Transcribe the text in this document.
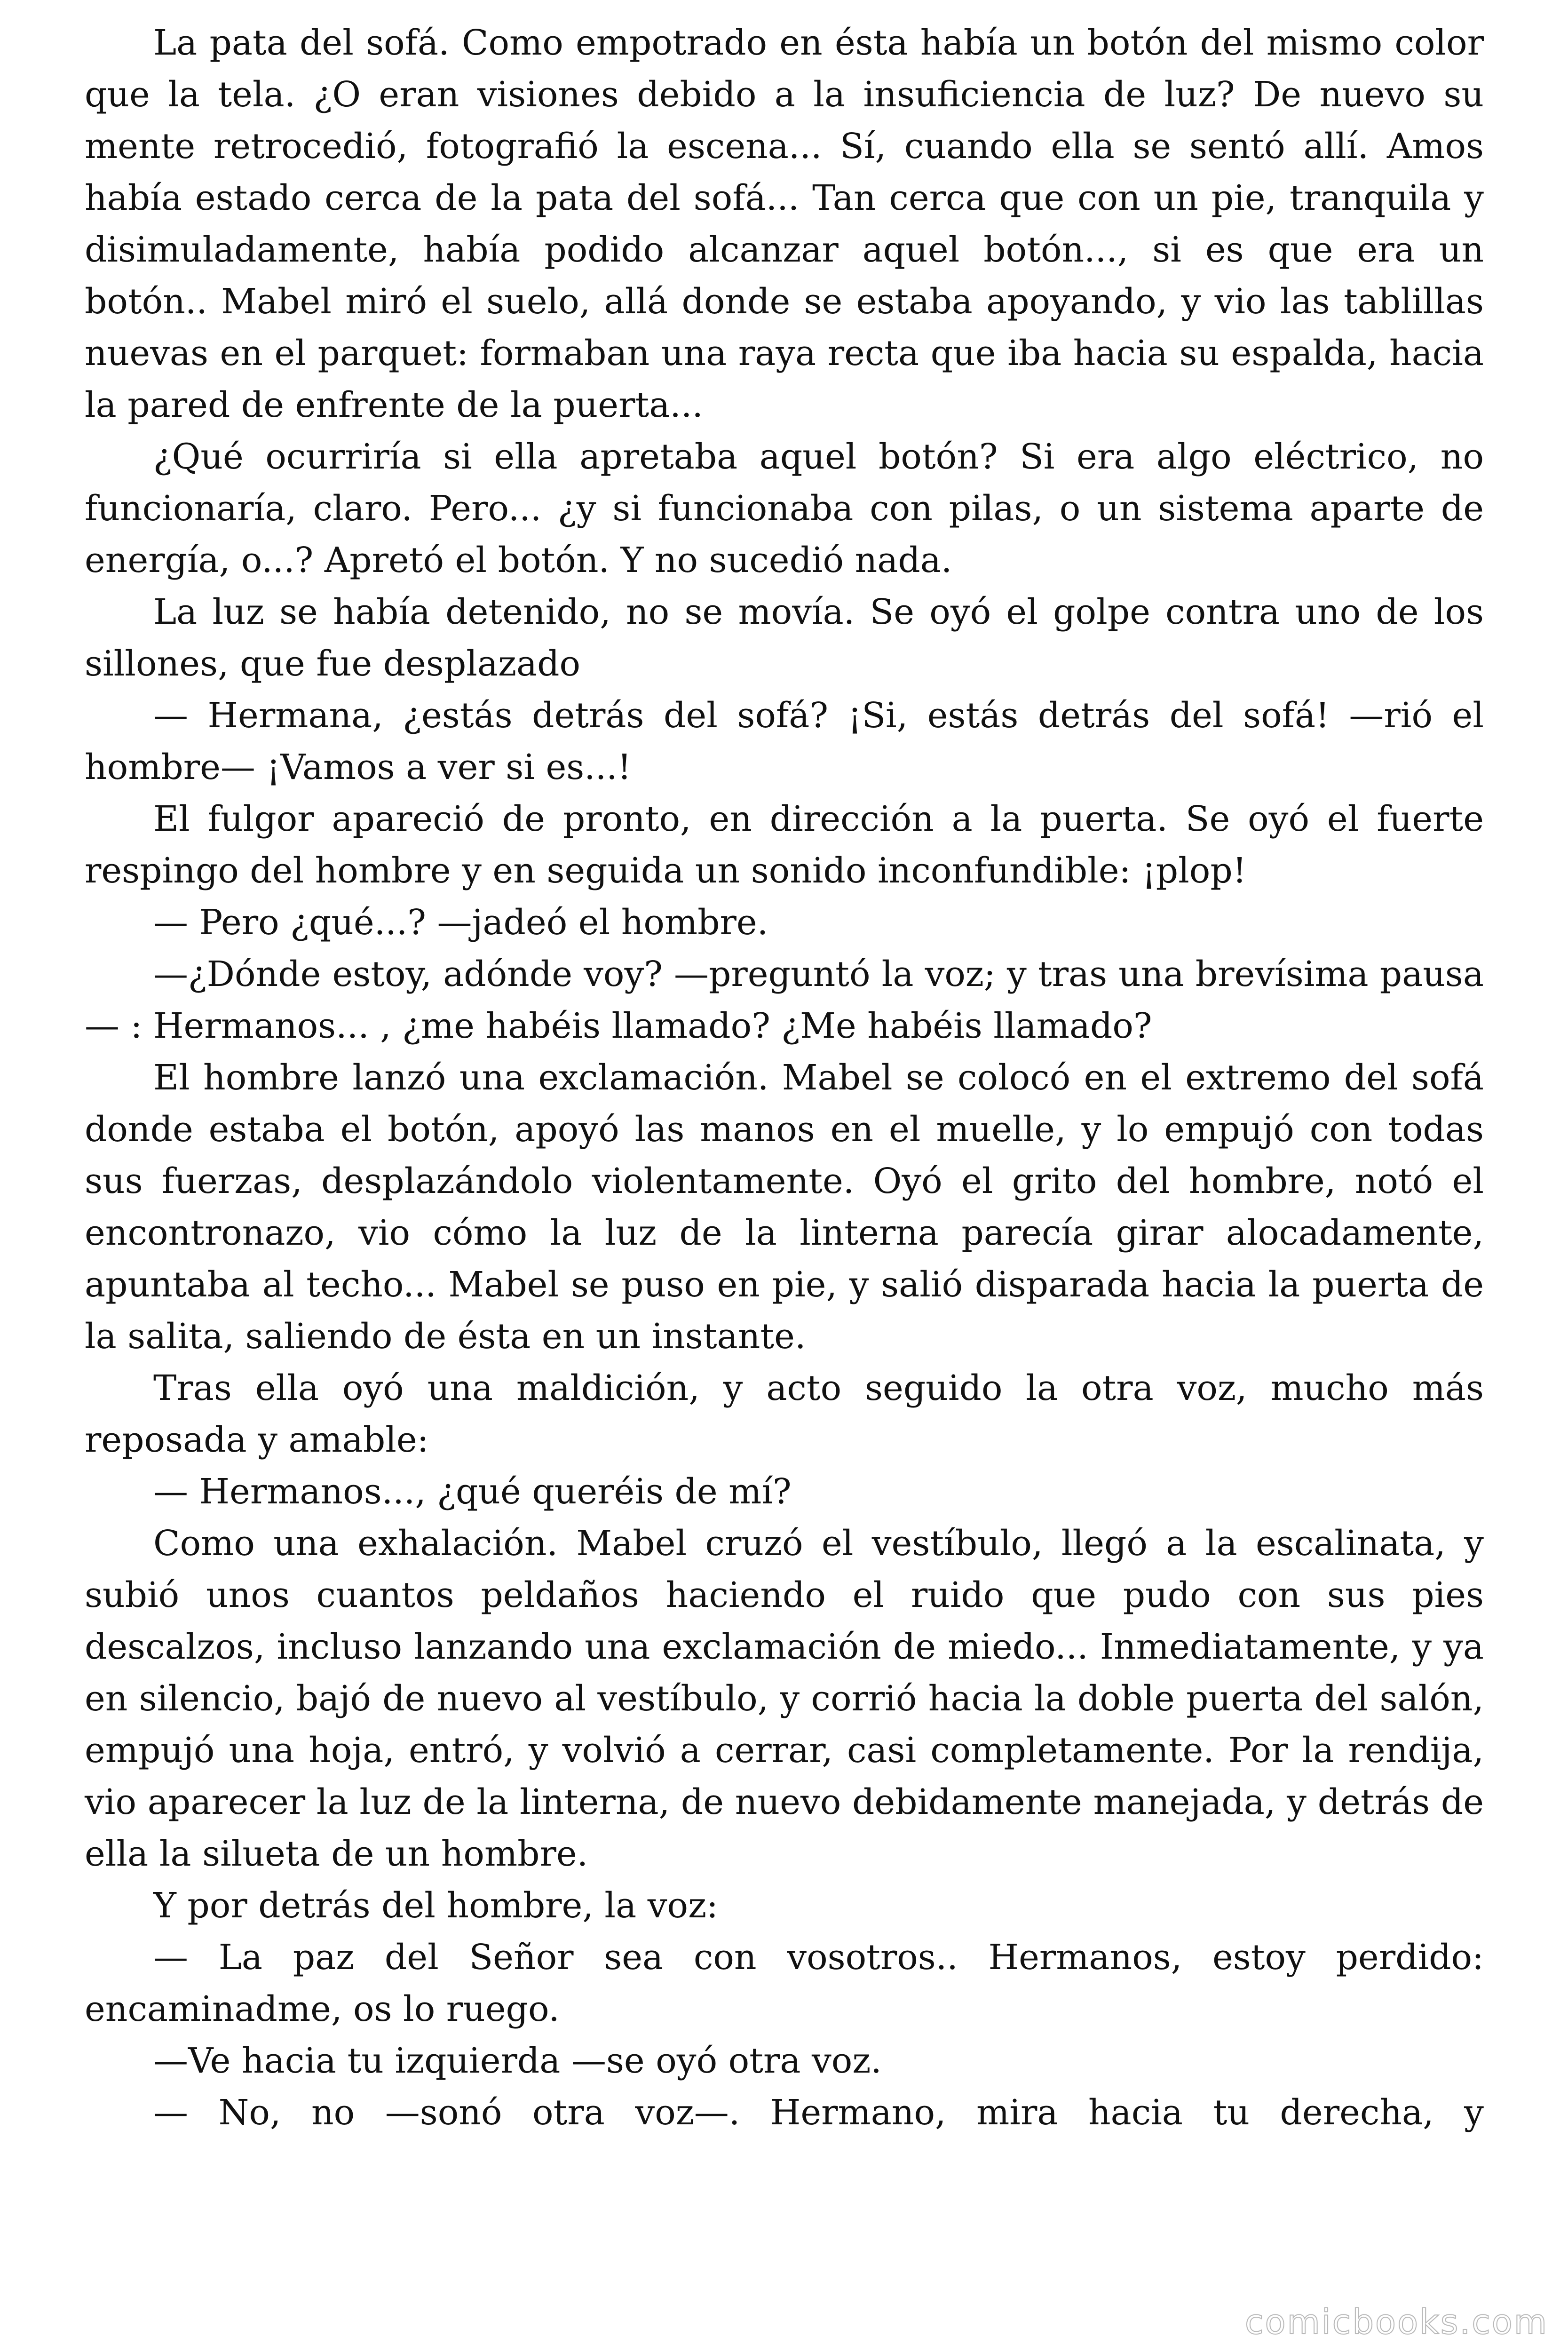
La pata del sofá. Como empotrado en ésta había un botón del mismo color que la tela. ¿O eran visiones debido a la insuficiencia de luz? De nuevo su mente retrocedió, fotografió la escena... Sí, cuando ella se sentó allí. Amos había estado cerca de la pata del sofá... Tan cerca que con un pie, tranquila y disimuladamente, había podido alcanzar aquel botón..., si es que era un botón.. Mabel miró el suelo, allá donde se estaba apoyando, y vio las tablillas nuevas en el parquet: formaban una raya recta que iba hacia su espalda, hacia la pared de enfrente de la puerta...

¿Qué ocurriría si ella apretaba aquel botón? Si era algo eléctrico, no funcionaría, claro. Pero... ¿y si funcionaba con pilas, o un sistema aparte de energía, o...? Apretó el botón. Y no sucedió nada.

La luz se había detenido, no se movía. Se oyó el golpe contra uno de los sillones, que fue desplazado

— Hermana, ¿estás detrás del sofá? ¡Si, estás detrás del sofá! —rió el hombre— ¡Vamos a ver si es...!

El fulgor apareció de pronto, en dirección a la puerta. Se oyó el fuerte respingo del hombre y en seguida un sonido inconfundible: ¡plop!

— Pero ¿qué...? —jadeó el hombre.

—¿Dónde estoy, adónde voy? —preguntó la voz; y tras una brevísima pausa — : Hermanos... , ¿me habéis llamado? ¿Me habéis llamado?

El hombre lanzó una exclamación. Mabel se colocó en el extremo del sofá donde estaba el botón, apoyó las manos en el muelle, y lo empujó con todas sus fuerzas, desplazándolo violentamente. Oyó el grito del hombre, notó el encontronazo, vio cómo la luz de la linterna parecía girar alocadamente, apuntaba al techo... Mabel se puso en pie, y salió disparada hacia la puerta de la salita, saliendo de ésta en un instante.

Tras ella oyó una maldición, y acto seguido la otra voz, mucho más reposada y amable:

— Hermanos..., ¿qué queréis de mí?

Como una exhalación. Mabel cruzó el vestíbulo, llegó a la escalinata, y subió unos cuantos peldaños haciendo el ruido que pudo con sus pies descalzos, incluso lanzando una exclamación de miedo... Inmediatamente, y ya en silencio, bajó de nuevo al vestíbulo, y corrió hacia la doble puerta del salón, empujó una hoja, entró, y volvió a cerrar, casi completamente. Por la rendija, vio aparecer la luz de la linterna, de nuevo debidamente manejada, y detrás de ella la silueta de un hombre.

Y por detrás del hombre, la voz:

— La paz del Señor sea con vosotros.. Hermanos, estoy perdido: encaminadme, os lo ruego.

—Ve hacia tu izquierda —se oyó otra voz.

— No, no —sonó otra voz—. Hermano, mira hacia tu derecha, y

comicbooks.com
